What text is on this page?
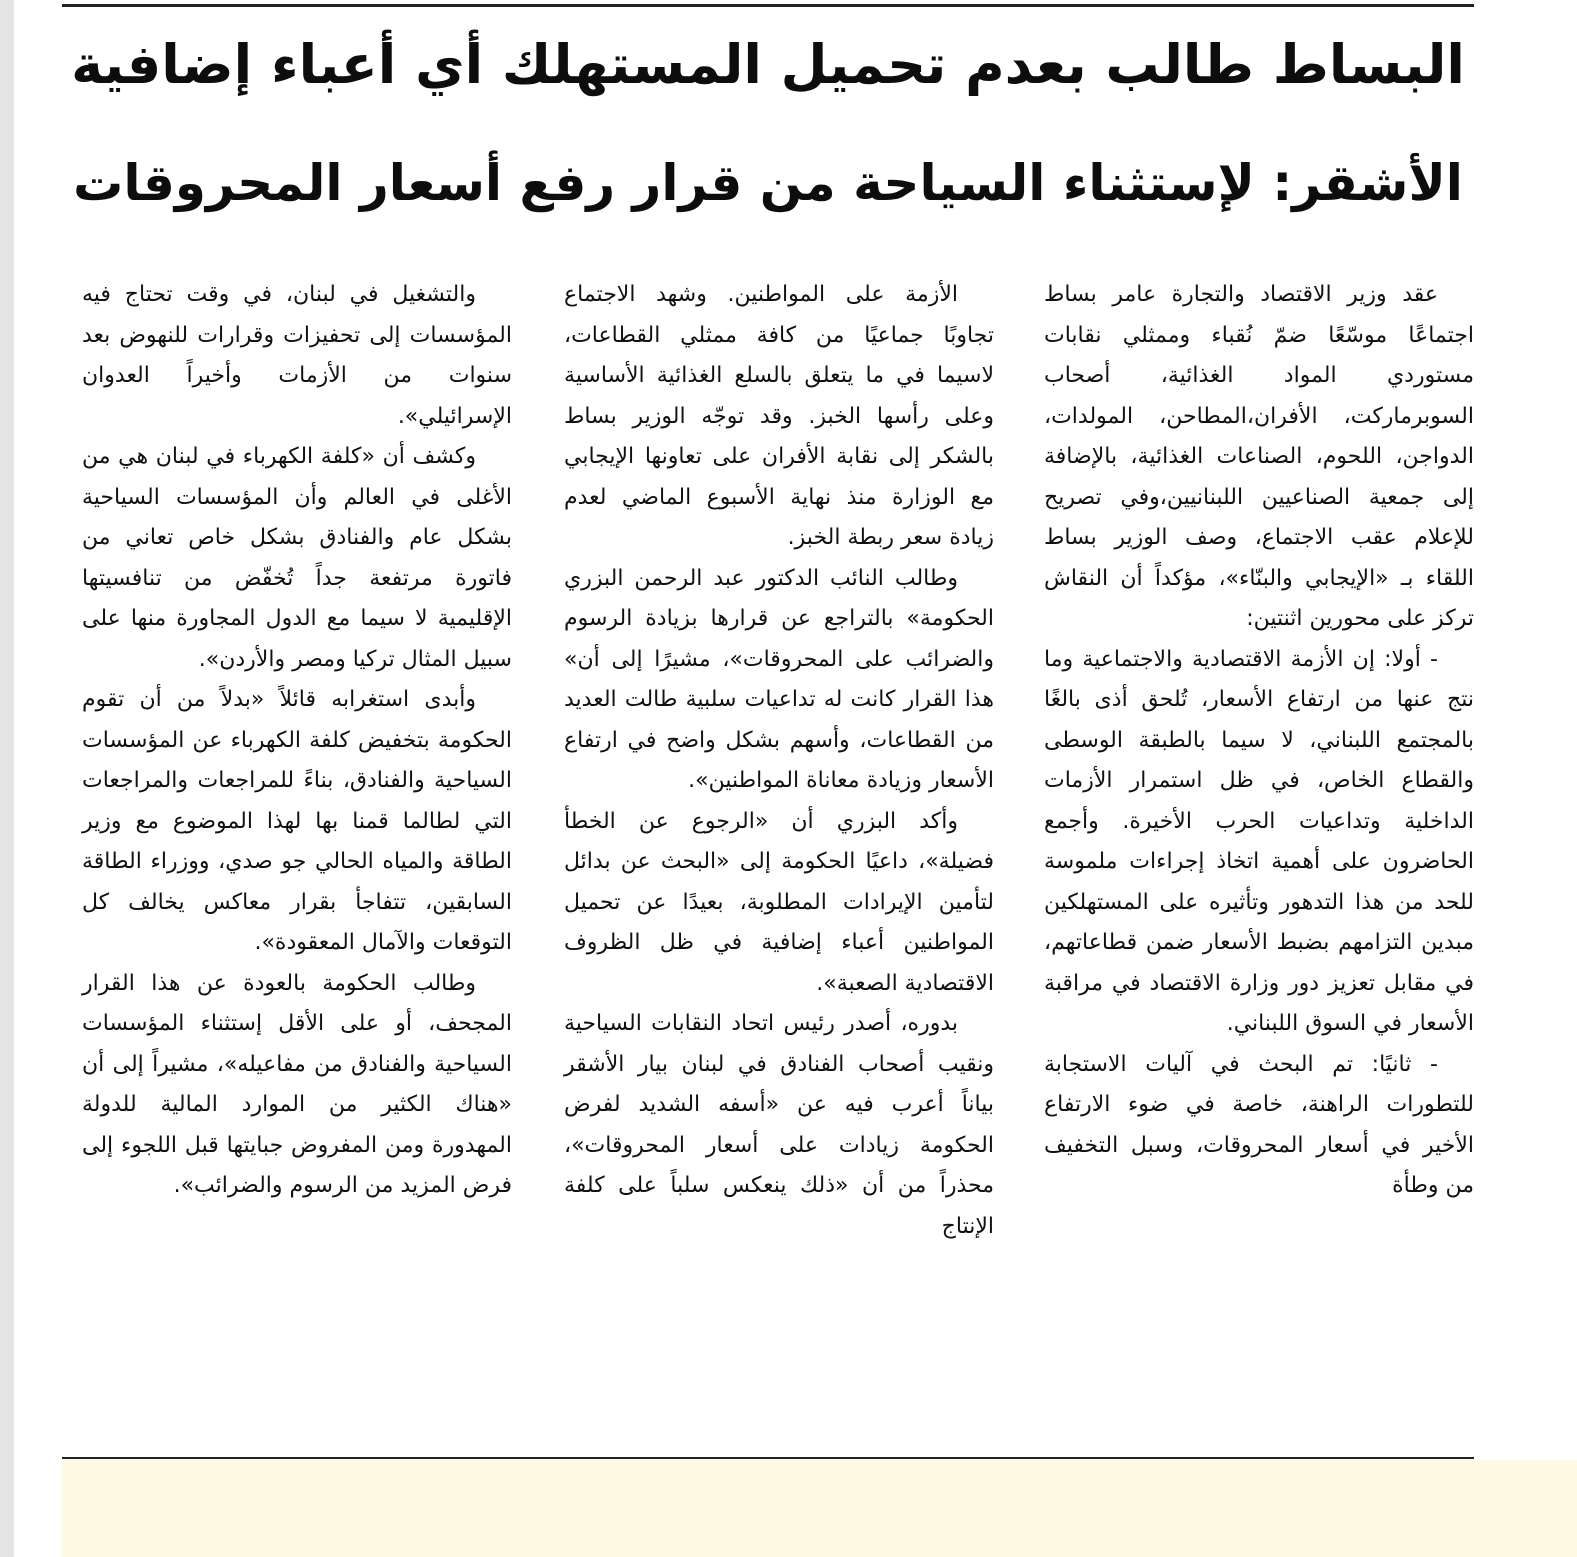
البساط طالب بعدم تحميل المستهلك أي أعباء إضافية
الأشقر: لإستثناء السياحة من قرار رفع أسعار المحروقات

عقد وزير الاقتصاد والتجارة عامر بساط اجتماعًا موسّعًا ضمّ نُقباء وممثلي نقابات مستوردي المواد الغذائية، أصحاب السوبرماركت، الأفران،المطاحن، المولدات، الدواجن، اللحوم، الصناعات الغذائية، بالإضافة إلى جمعية الصناعيين اللبنانيين،وفي تصريح للإعلام عقب الاجتماع، وصف الوزير بساط اللقاء بـ «الإيجابي والبنّاء»، مؤكداً أن النقاش تركز على محورين اثنتين:

- أولا: إن الأزمة الاقتصادية والاجتماعية وما نتج عنها من ارتفاع الأسعار، تُلحق أذى بالغًا بالمجتمع اللبناني، لا سيما بالطبقة الوسطى والقطاع الخاص، في ظل استمرار الأزمات الداخلية وتداعيات الحرب الأخيرة. وأجمع الحاضرون على أهمية اتخاذ إجراءات ملموسة للحد من هذا التدهور وتأثيره على المستهلكين مبدين التزامهم بضبط الأسعار ضمن قطاعاتهم، في مقابل تعزيز دور وزارة الاقتصاد في مراقبة الأسعار في السوق اللبناني.

- ثانيًا: تم البحث في آليات الاستجابة للتطورات الراهنة، خاصة في ضوء الارتفاع الأخير في أسعار المحروقات، وسبل التخفيف من وطأة

الأزمة على المواطنين. وشهد الاجتماع تجاوبًا جماعيًا من كافة ممثلي القطاعات، لاسيما في ما يتعلق بالسلع الغذائية الأساسية وعلى رأسها الخبز. وقد توجّه الوزير بساط بالشكر إلى نقابة الأفران على تعاونها الإيجابي مع الوزارة منذ نهاية الأسبوع الماضي لعدم زيادة سعر ربطة الخبز.

وطالب النائب الدكتور عبد الرحمن البزري الحكومة» بالتراجع عن قرارها بزيادة الرسوم والضرائب على المحروقات»، مشيرًا إلى أن» هذا القرار كانت له تداعيات سلبية طالت العديد من القطاعات، وأسهم بشكل واضح في ارتفاع الأسعار وزيادة معاناة المواطنين».

وأكد البزري أن «الرجوع عن الخطأ فضيلة»، داعيًا الحكومة إلى «البحث عن بدائل لتأمين الإيرادات المطلوبة، بعيدًا عن تحميل المواطنين أعباء إضافية في ظل الظروف الاقتصادية الصعبة».

بدوره، أصدر رئيس اتحاد النقابات السياحية ونقيب أصحاب الفنادق في لبنان بيار الأشقر بياناً أعرب فيه عن «أسفه الشديد لفرض الحكومة زيادات على أسعار المحروقات»، محذراً من أن «ذلك ينعكس سلباً على كلفة الإنتاج

والتشغيل في لبنان، في وقت تحتاج فيه المؤسسات إلى تحفيزات وقرارات للنهوض بعد سنوات من الأزمات وأخيراً العدوان الإسرائيلي».

وكشف أن «كلفة الكهرباء في لبنان هي من الأغلى في العالم وأن المؤسسات السياحية بشكل عام والفنادق بشكل خاص تعاني من فاتورة مرتفعة جداً تُخفّض من تنافسيتها الإقليمية لا سيما مع الدول المجاورة منها على سبيل المثال تركيا ومصر والأردن».

وأبدى استغرابه قائلاً «بدلاً من أن تقوم الحكومة بتخفيض كلفة الكهرباء عن المؤسسات السياحية والفنادق، بناءً للمراجعات والمراجعات التي لطالما قمنا بها لهذا الموضوع مع وزير الطاقة والمياه الحالي جو صدي، ووزراء الطاقة السابقين، تتفاجأ بقرار معاكس يخالف كل التوقعات والآمال المعقودة».

وطالب الحكومة بالعودة عن هذا القرار المجحف، أو على الأقل إستثناء المؤسسات السياحية والفنادق من مفاعيله»، مشيراً إلى أن «هناك الكثير من الموارد المالية للدولة المهدورة ومن المفروض جبايتها قبل اللجوء إلى فرض المزيد من الرسوم والضرائب».
